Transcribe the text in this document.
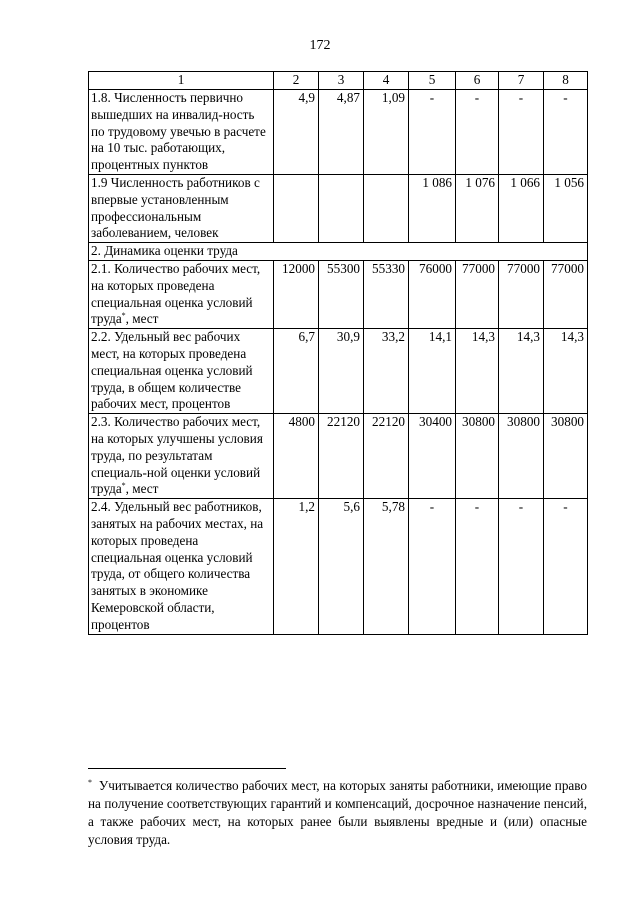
172
1	2	3	4	5	6	7	8
1.8. Численность первично вышедших на инвалид-ность по трудовому увечью в расчете на 10 тыс. работающих, процентных пунктов	4,9	4,87	1,09	-	-	-	-
1.9 Численность работников с впервые установленным профессиональным заболеванием, человек				1 086	1 076	1 066	1 056
2. Динамика оценки труда							
2.1. Количество рабочих мест, на которых проведена специальная оценка условий труда*, мест	12000	55300	55330	76000	77000	77000	77000
2.2. Удельный вес рабочих мест, на которых проведена специальная оценка условий труда, в общем количестве рабочих мест, процентов	6,7	30,9	33,2	14,1	14,3	14,3	14,3
2.3. Количество рабочих мест, на которых улучшены условия труда, по результатам специаль-ной оценки условий труда*, мест	4800	22120	22120	30400	30800	30800	30800
2.4. Удельный вес работников, занятых на рабочих местах, на которых проведена специальная оценка условий труда, от общего количества занятых в экономике Кемеровской области, процентов	1,2	5,6	5,78	-	-	-	-
* Учитывается количество рабочих мест, на которых заняты работники, имеющие право на получение соответствующих гарантий и компенсаций, досрочное назначение пенсий, а также рабочих мест, на которых ранее были выявлены вредные и (или) опасные условия труда.
